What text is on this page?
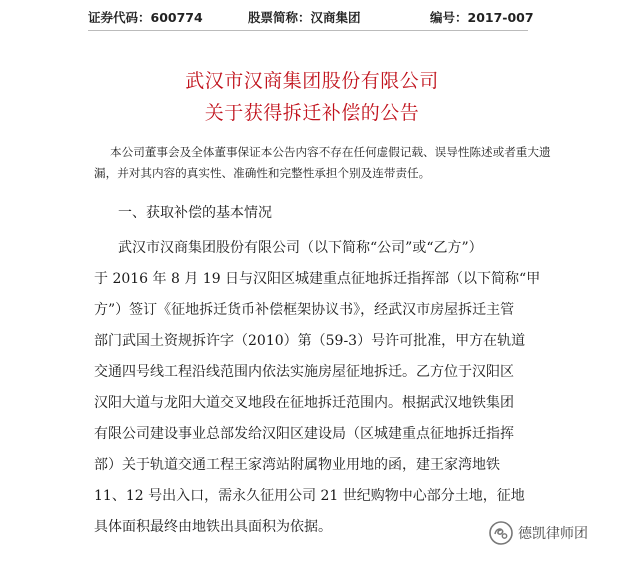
证券代码：600774	股票简称：汉商集团	编号：2017-007
武汉市汉商集团股份有限公司
关于获得拆迁补偿的公告
本公司董事会及全体董事保证本公告内容不存在任何虚假记载、误导性陈述或者重大遗
漏，并对其内容的真实性、准确性和完整性承担个别及连带责任。
一、获取补偿的基本情况
武汉市汉商集团股份有限公司（以下简称“公司”或“乙方”）
于 2016 年 8 月 19 日与汉阳区城建重点征地拆迁指挥部（以下简称“甲
方”）签订《征地拆迁货币补偿框架协议书》，经武汉市房屋拆迁主管
部门武国土资规拆许字（2010）第（59-3）号许可批准，甲方在轨道
交通四号线工程沿线范围内依法实施房屋征地拆迁。乙方位于汉阳区
汉阳大道与龙阳大道交叉地段在征地拆迁范围内。根据武汉地铁集团
有限公司建设事业总部发给汉阳区建设局（区城建重点征地拆迁指挥
部）关于轨道交通工程王家湾站附属物业用地的函，建王家湾地铁
11、12 号出入口，需永久征用公司 21 世纪购物中心部分土地，征地
具体面积最终由地铁出具面积为依据。	德凯律师团
